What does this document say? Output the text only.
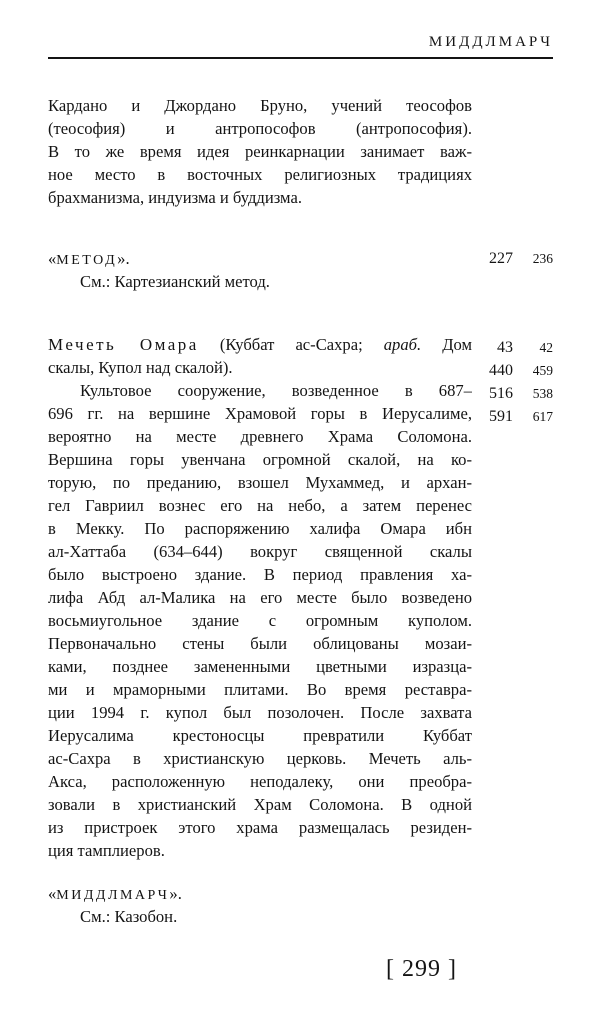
МИДДЛМАРЧ
Кардано и Джордано Бруно, учений теософов
(теософия) и антропософов (антропософия).
В то же время идея реинкарнации занимает важ-
ное место в восточных религиозных традициях
брахманизма, индуизма и буддизма.
«МЕТОД».
См.: Картезианский метод.
227 236
Мечеть Омара (Куббат ас-Сахра; араб. Дом
скалы, Купол над скалой).
Культовое сооружение, возведенное в 687–
696 гг. на вершине Храмовой горы в Иерусалиме,
вероятно на месте древнего Храма Соломона.
Вершина горы увенчана огромной скалой, на ко-
торую, по преданию, взошел Мухаммед, и архан-
гел Гавриил вознес его на небо, а затем перенес
в Мекку. По распоряжению халифа Омара ибн
ал-Хаттаба (634–644) вокруг священной скалы
было выстроено здание. В период правления ха-
лифа Абд ал-Малика на его месте было возведено
восьмиугольное здание с огромным куполом.
Первоначально стены были облицованы мозаи-
ками, позднее замененными цветными изразца-
ми и мраморными плитами. Во время реставра-
ции 1994 г. купол был позолочен. После захвата
Иерусалима крестоносцы превратили Куббат
ас-Сахра в христианскую церковь. Мечеть аль-
Акса, расположенную неподалеку, они преобра-
зовали в христианский Храм Соломона. В одной
из пристроек этого храма размещалась резиден-
ция тамплиеров.
43 42
440 459
516 538
591 617
«МИДДЛМАРЧ».
См.: Казобон.
[ 299 ]
